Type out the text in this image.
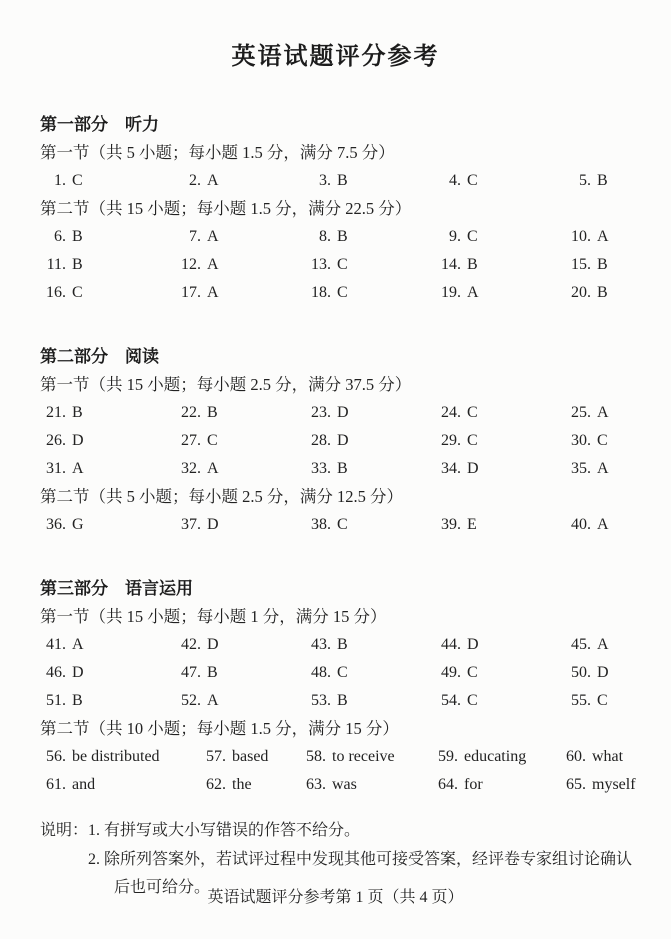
英语试题评分参考
第一部分　听力
第一节（共 5 小题；每小题 1.5 分，满分 7.5 分）
1. C	2. A	3. B	4. C	5. B
第二节（共 15 小题；每小题 1.5 分，满分 22.5 分）
6. B	7. A	8. B	9. C	10. A
11. B	12. A	13. C	14. B	15. B
16. C	17. A	18. C	19. A	20. B
第二部分　阅读
第一节（共 15 小题；每小题 2.5 分，满分 37.5 分）
21. B	22. B	23. D	24. C	25. A
26. D	27. C	28. D	29. C	30. C
31. A	32. A	33. B	34. D	35. A
第二节（共 5 小题；每小题 2.5 分，满分 12.5 分）
36. G	37. D	38. C	39. E	40. A
第三部分　语言运用
第一节（共 15 小题；每小题 1 分，满分 15 分）
41. A	42. D	43. B	44. D	45. A
46. D	47. B	48. C	49. C	50. D
51. B	52. A	53. B	54. C	55. C
第二节（共 10 小题；每小题 1.5 分，满分 15 分）
56. be distributed	57. based	58. to receive	59. educating	60. what
61. and	62. the	63. was	64. for	65. myself
说明： 1. 有拼写或大小写错误的作答不给分。
2. 除所列答案外，若试评过程中发现其他可接受答案，经评卷专家组讨论确认后也可给分。
英语试题评分参考第 1 页（共 4 页）
